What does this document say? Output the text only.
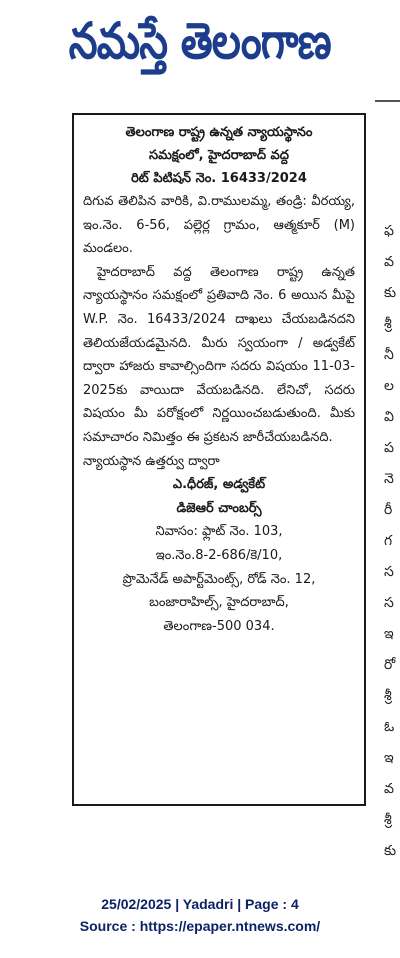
నమస్తే తెలంగాణ
తెలంగాణ రాష్ట్ర ఉన్నత న్యాయస్థానం
సమక్షంలో, హైదరాబాద్ వద్ద
రిట్ పిటిషన్ నెం. 16433/2024

దిగువ తెలిపిన వారికి, వి.రాములమ్మ, తండ్రి: వీరయ్య, ఇం.నెం. 6-56, పల్లెర్ల గ్రామం, ఆత్మకూర్ (M) మండలం.

హైదరాబాద్ వద్ద తెలంగాణ రాష్ట్ర ఉన్నత న్యాయస్థానం సమక్షంలో ప్రతివాది నెం. 6 అయిన మీపై W.P. నెం. 16433/2024 దాఖలు చేయబడినదని తెలియజేయడమైనది. మీరు స్వయంగా / అడ్వకేట్ ద్వారా హాజరు కావాల్సిందిగా సదరు విషయం 11-03-2025కు వాయిదా వేయబడినది. లేనిచో, సదరు విషయం మీ పరోక్షంలో నిర్ణయించబడుతుంది. మీకు సమాచారం నిమిత్తం ఈ ప్రకటన జారీచేయబడినది.

న్యాయస్థాన ఉత్తర్వు ద్వారా

ఎ.ధీరజ్, అడ్వకేట్

డిజెఆర్ చాంబర్స్

నివాసం: ఫ్లాట్ నెం. 103,

ఇం.నెం.8-2-686/కె/10,

ప్రొమెనేడ్ అపార్ట్‌మెంట్స్, రోడ్ నెం. 12,

బంజారాహిల్స్, హైదరాబాద్,

తెలంగాణ-500 034.

ఫ
వ
కు
శ్రీ
నీ
ల
వి
ప
నె
రీ
గ
స
స
ఇ
రో
శ్రీ
ఓ
ఇ
వ
శ్రీ
కు
25/02/2025 | Yadadri | Page : 4
Source : https://epaper.ntnews.com/
